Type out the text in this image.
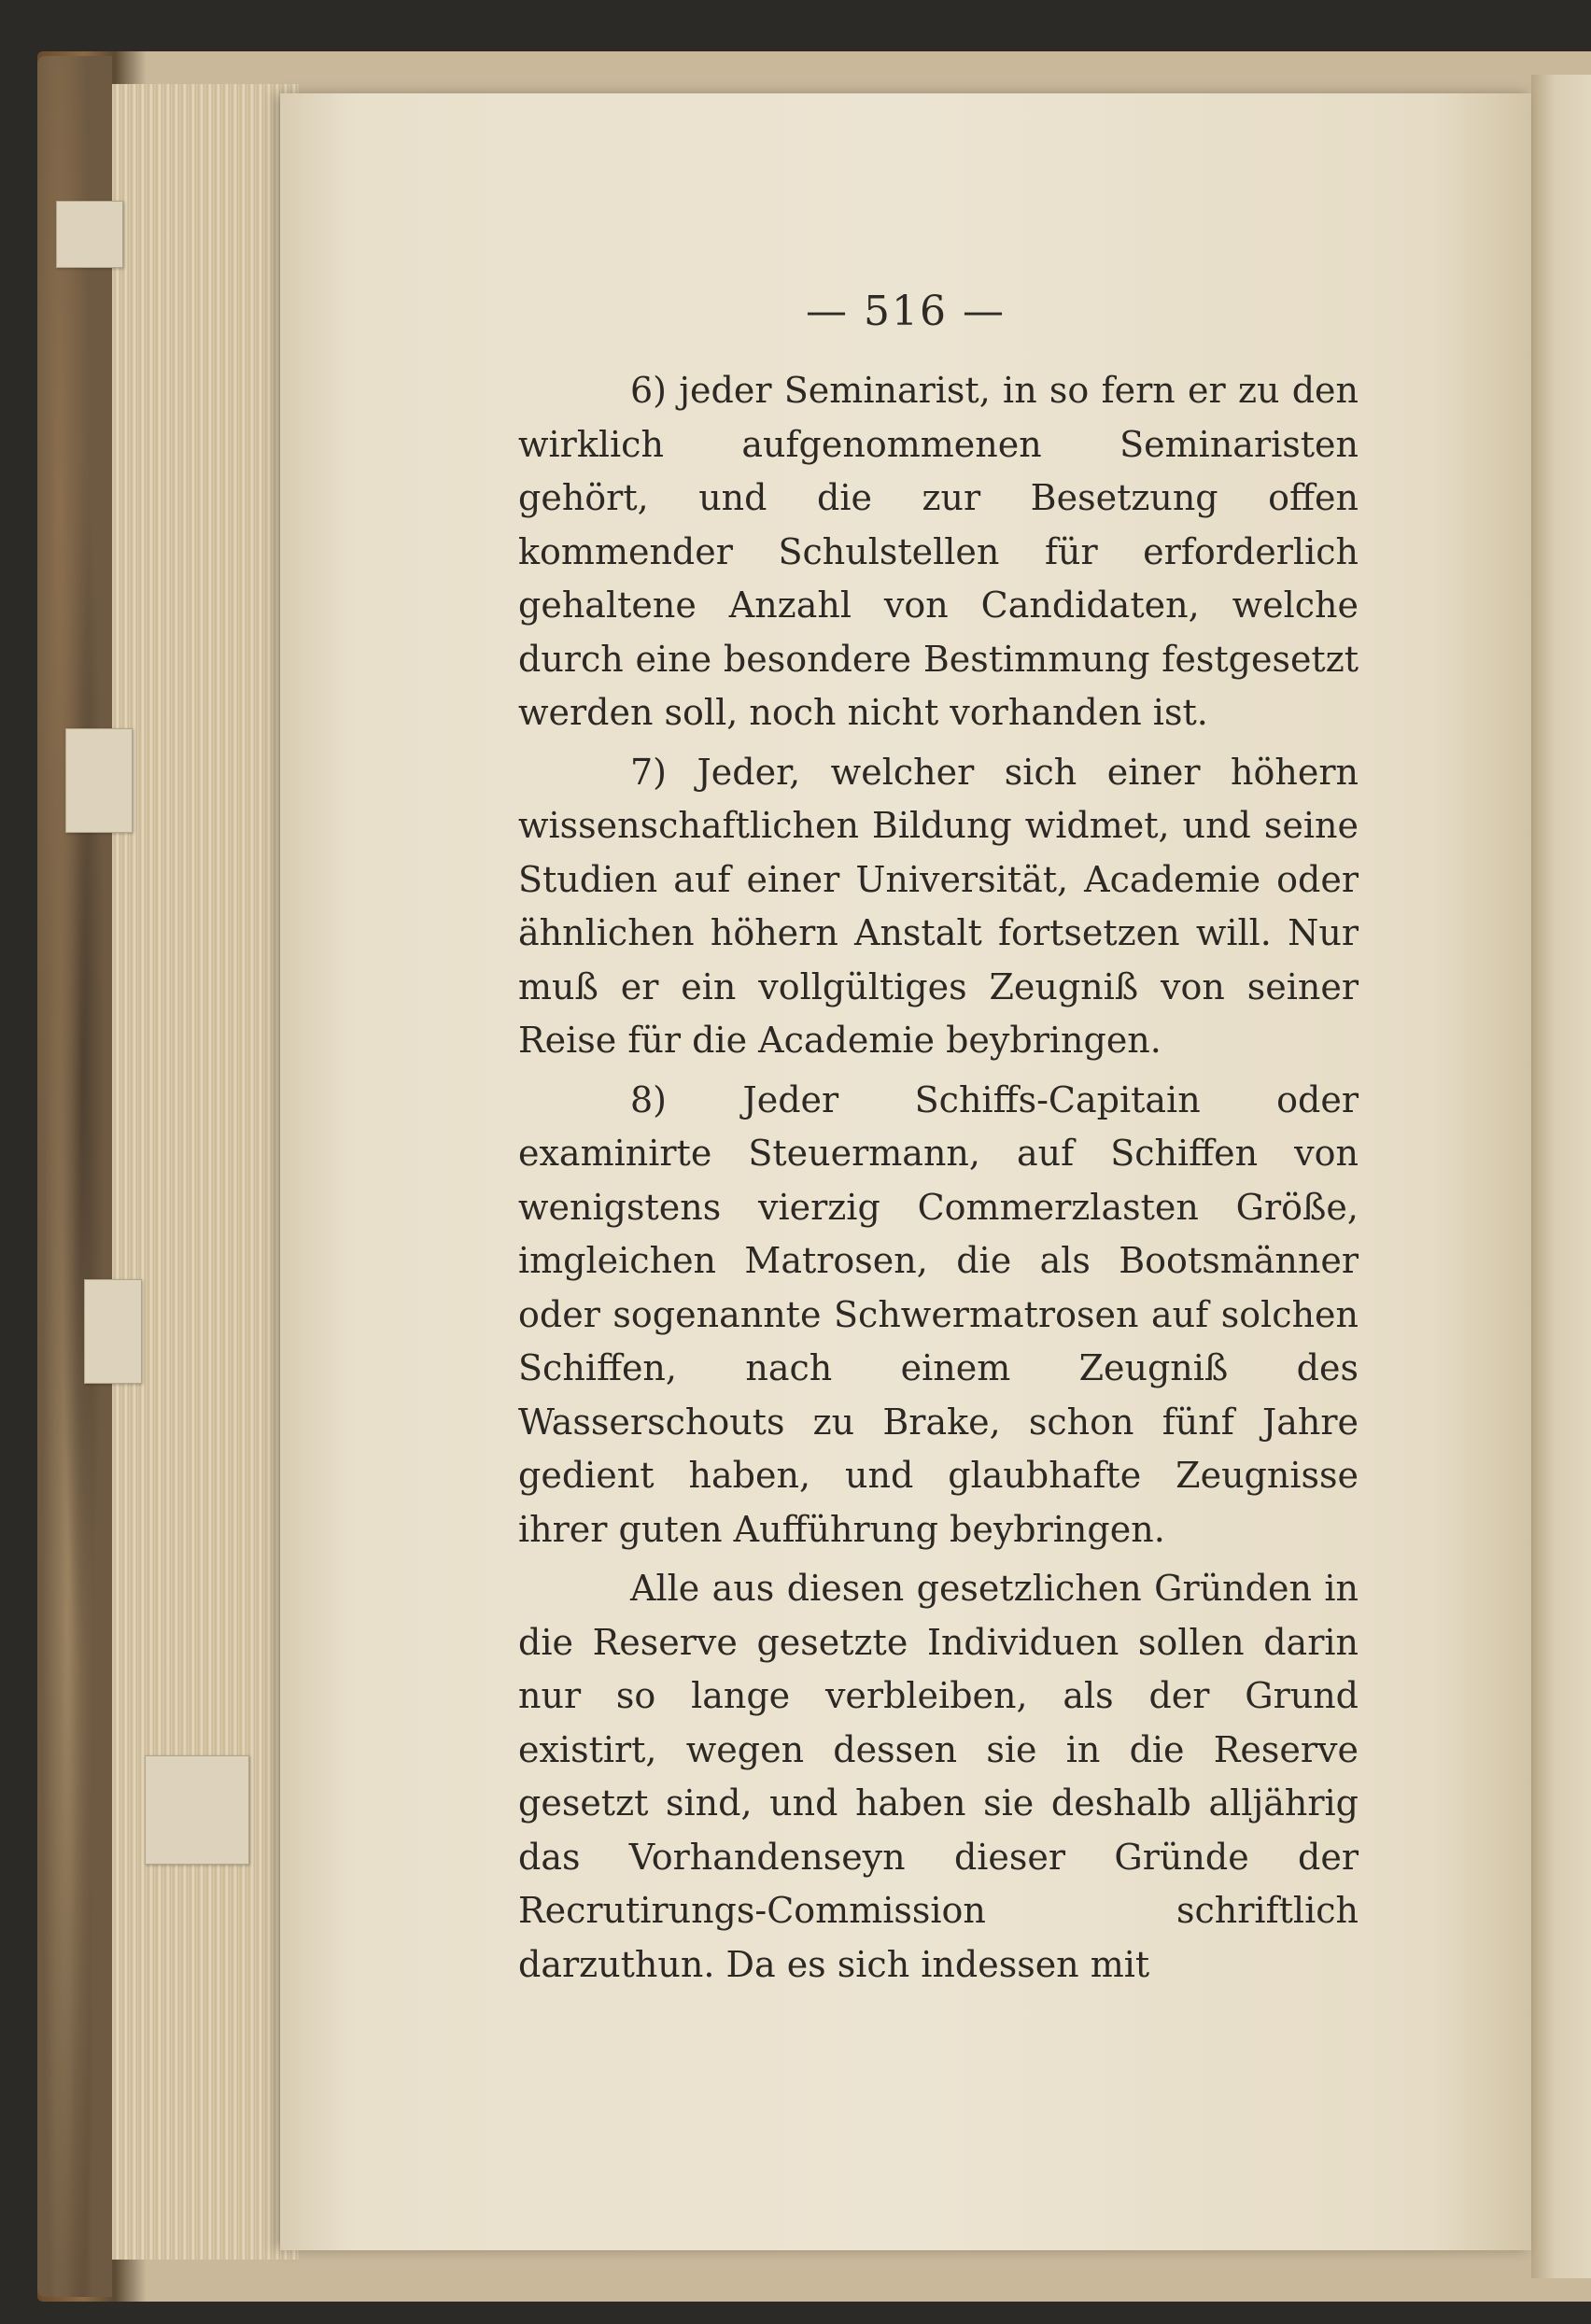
— 516 —

6) jeder Seminarist, in so fern er zu den wirklich aufgenommenen Seminaristen gehört, und die zur Besetzung offen kommender Schulstellen für erforderlich gehaltene Anzahl von Candidaten, welche durch eine besondere Bestimmung festgesetzt werden soll, noch nicht vorhanden ist.

7) Jeder, welcher sich einer höhern wissenschaftlichen Bildung widmet, und seine Studien auf einer Universität, Academie oder ähnlichen höhern Anstalt fortsetzen will. Nur muß er ein vollgültiges Zeugniß von seiner Reise für die Academie beybringen.

8) Jeder Schiffs-Capitain oder examinirte Steuermann, auf Schiffen von wenigstens vierzig Commerzlasten Größe, imgleichen Matrosen, die als Bootsmänner oder sogenannte Schwermatrosen auf solchen Schiffen, nach einem Zeugniß des Wasserschouts zu Brake, schon fünf Jahre gedient haben, und glaubhafte Zeugnisse ihrer guten Aufführung beybringen.

Alle aus diesen gesetzlichen Gründen in die Reserve gesetzte Individuen sollen darin nur so lange verbleiben, als der Grund existirt, wegen dessen sie in die Reserve gesetzt sind, und haben sie deshalb alljährig das Vorhandenseyn dieser Gründe der Recrutirungs-Commission schriftlich darzuthun. Da es sich indessen mit
